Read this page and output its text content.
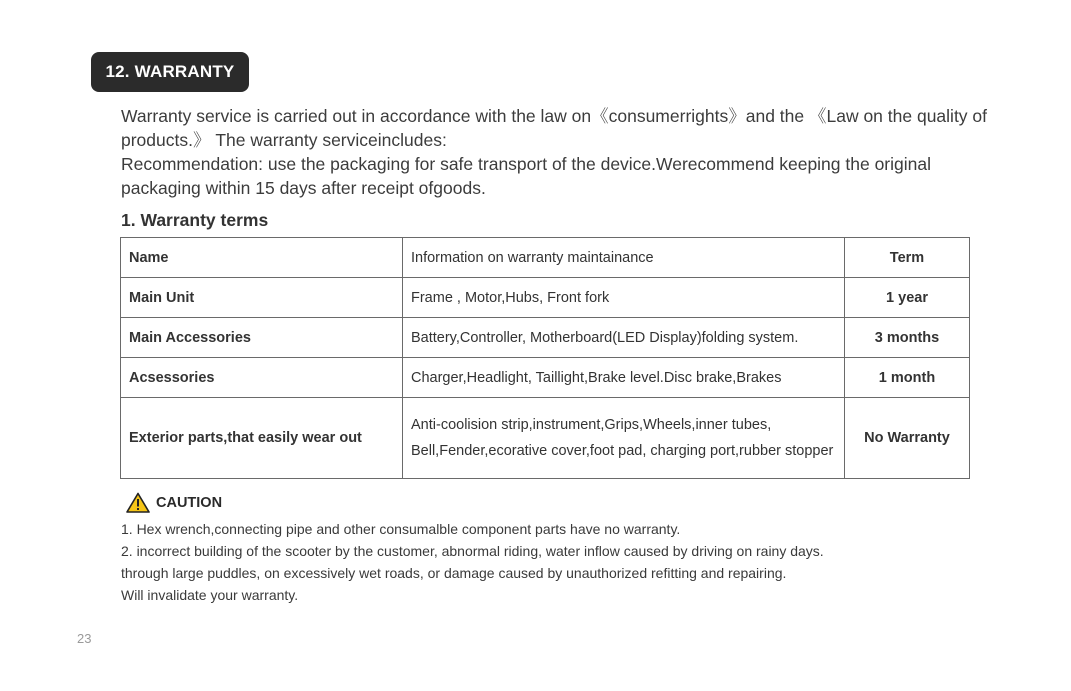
12. WARRANTY

Warranty service is carried out in accordance with the law on《consumerrights》and the 《Law on the quality of products.》 The warranty serviceincludes:

Recommendation: use the packaging for safe transport of the device.Werecommend keeping the original packaging within 15 days after receipt ofgoods.

1. Warranty terms
Name	Information on warranty maintainance	Term
Main Unit	Frame , Motor,Hubs, Front fork	1 year
Main Accessories	Battery,Controller, Motherboard(LED Display)folding system.	3 months
Acsessories	Charger,Headlight, Taillight,Brake level.Disc brake,Brakes	1 month
Exterior parts,that easily wear out	Anti-coolision strip,instrument,Grips,Wheels,inner tubes, Bell,Fender,ecorative cover,foot pad, charging port,rubber stopper	No Warranty
CAUTION
1. Hex wrench,connecting pipe and other consumalble component parts have no warranty.
2. incorrect building of the scooter by the customer, abnormal riding, water inflow caused by driving on rainy days.
through large puddles, on excessively wet roads, or damage caused by unauthorized refitting and repairing.
Will invalidate your warranty.
23
